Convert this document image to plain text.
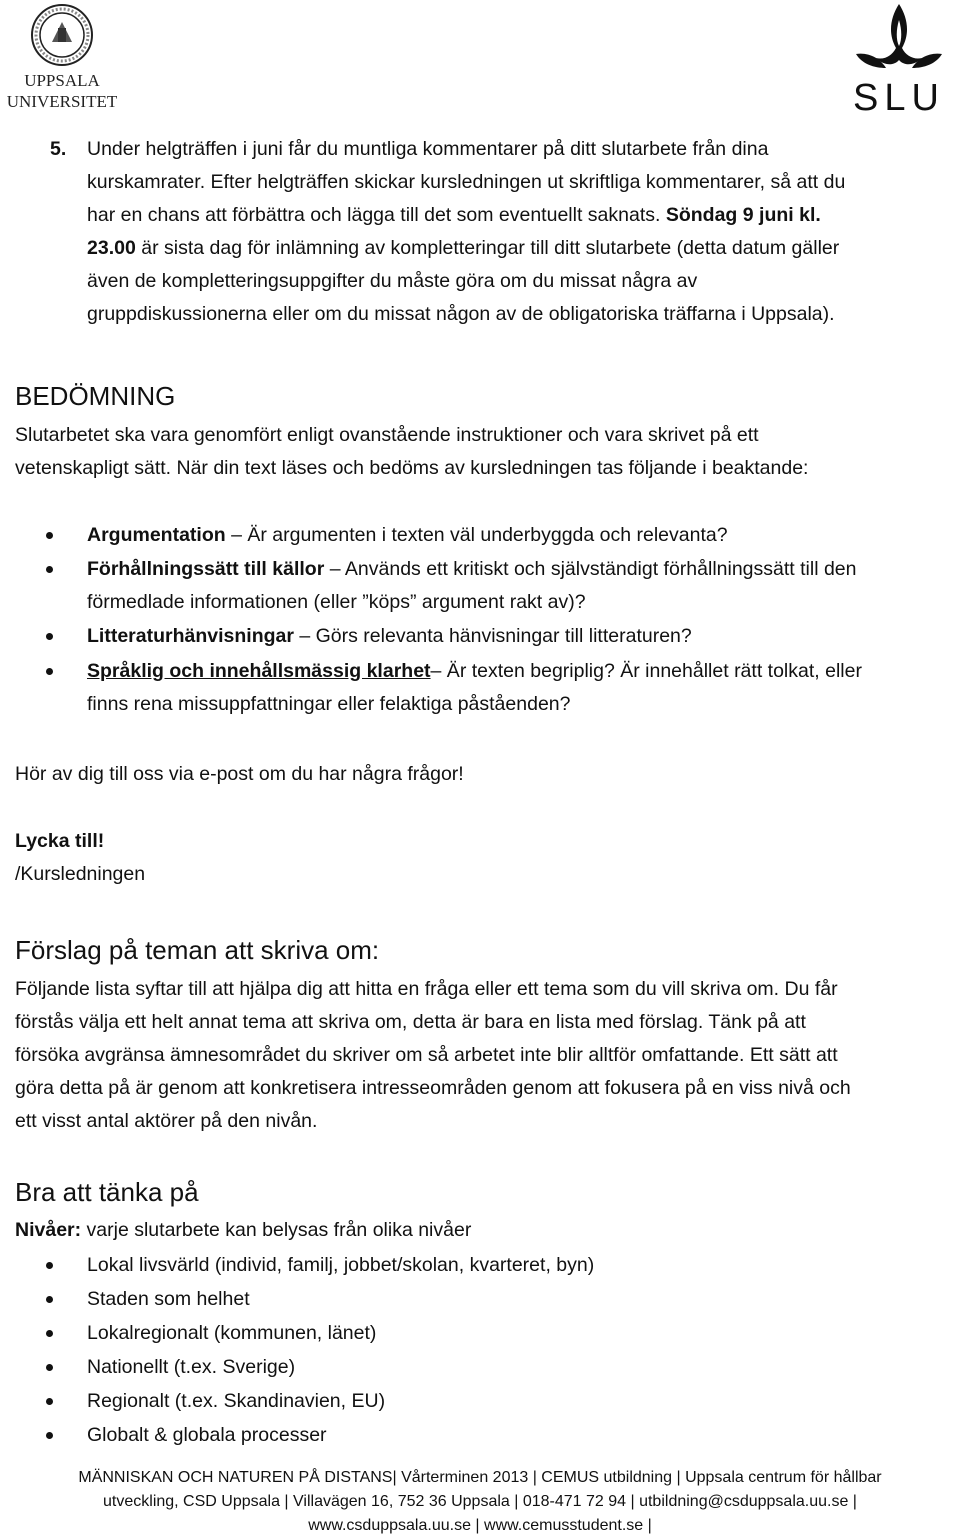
UPPSALA
UNIVERSITET	SLU
5. Under helgträffen i juni får du muntliga kommentarer på ditt slutarbete från dina
kurskamrater. Efter helgträffen skickar kursledningen ut skriftliga kommentarer, så att du
har en chans att förbättra och lägga till det som eventuellt saknats. Söndag 9 juni kl.
23.00 är sista dag för inlämning av kompletteringar till ditt slutarbete (detta datum gäller
även de kompletteringsuppgifter du måste göra om du missat några av
gruppdiskussionerna eller om du missat någon av de obligatoriska träffarna i Uppsala).
BEDÖMNING
Slutarbetet ska vara genomfört enligt ovanstående instruktioner och vara skrivet på ett
vetenskapligt sätt. När din text läses och bedöms av kursledningen tas följande i beaktande:
Argumentation – Är argumenten i texten väl underbyggda och relevanta?
Förhållningssätt till källor – Används ett kritiskt och självständigt förhållningssätt till den
förmedlade informationen (eller ”köps” argument rakt av)?
Litteraturhänvisningar – Görs relevanta hänvisningar till litteraturen?
Språklig och innehållsmässig klarhet– Är texten begriplig? Är innehållet rätt tolkat, eller
finns rena missuppfattningar eller felaktiga påståenden?
Hör av dig till oss via e-post om du har några frågor!
Lycka till!
/Kursledningen
Förslag på teman att skriva om:
Följande lista syftar till att hjälpa dig att hitta en fråga eller ett tema som du vill skriva om. Du får
förstås välja ett helt annat tema att skriva om, detta är bara en lista med förslag. Tänk på att
försöka avgränsa ämnesområdet du skriver om så arbetet inte blir alltför omfattande. Ett sätt att
göra detta på är genom att konkretisera intresseområden genom att fokusera på en viss nivå och
ett visst antal aktörer på den nivån.
Bra att tänka på
Nivåer: varje slutarbete kan belysas från olika nivåer
Lokal livsvärld (individ, familj, jobbet/skolan, kvarteret, byn)
Staden som helhet
Lokalregionalt (kommunen, länet)
Nationellt (t.ex. Sverige)
Regionalt (t.ex. Skandinavien, EU)
Globalt & globala processer
MÄNNISKAN OCH NATUREN PÅ DISTANS| Vårterminen 2013 | CEMUS utbildning | Uppsala centrum för hållbar
utveckling, CSD Uppsala | Villavägen 16, 752 36 Uppsala | 018-471 72 94 | utbildning@csduppsala.uu.se |
www.csduppsala.uu.se | www.cemusstudent.se |
